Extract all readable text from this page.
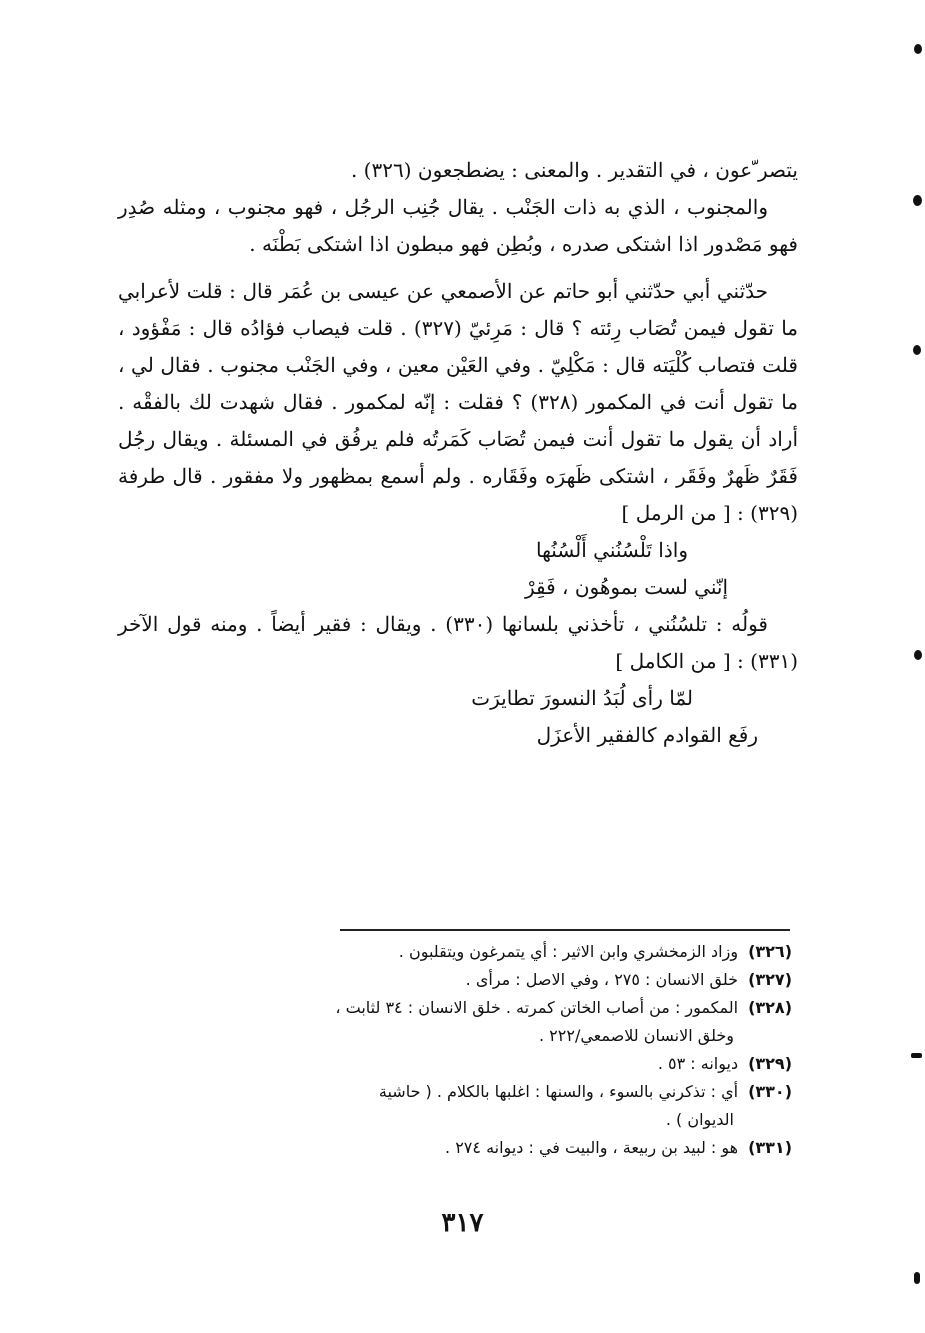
يتصر ّعون ، في التقدير . والمعنى : يضطجعون (٣٢٦) .

والمجنوب ، الذي به ذات الجَنْب . يقال جُنِب الرجُل ، فهو مجنوب ، ومثله صُدِر فهو مَصْدور اذا اشتكى صدره ، وبُطِن فهو مبطون اذا اشتكى بَطْنَه .

حدّثني أبي حدّثني أبو حاتم عن الأصمعي عن عيسى بن عُمَر قال : قلت لأعرابي ما تقول فيمن تُصَاب رِئته ؟ قال : مَرِئيّ (٣٢٧) . قلت فيصاب فؤادُه قال : مَفْؤود ، قلت فتصاب كُلْيَته قال : مَكْلِيّ . وفي العَيْن معين ، وفي الجَنْب مجنوب . فقال لي ، ما تقول أنت في المكمور (٣٢٨) ؟ فقلت : إنّه لمكمور . فقال شهدت لك بالفقْه . أراد أن يقول ما تقول أنت فيمن تُصَاب كَمَرتُه فلم يرفُق في المسئلة . ويقال رجُل فَقَرٌ ظَهرٌ وفَقَر ، اشتكى ظَهرَه وفَقَاره . ولم أسمع بمظهور ولا مفقور . قال طرفة (٣٢٩) : [ من الرمل ]

واذا تَلْسُنُني أَلْسُنُها

إنّني لست بموهُون ، فَقِرْ

قولُه : تلسُنُني ، تأخذني بلسانها (٣٣٠) . ويقال : فقير أيضاً . ومنه قول الآخر (٣٣١) : [ من الكامل ]

لمّا رأى لُبَدُ النسورَ تطايرَت

رفَع القوادم كالفقير الأعزَل

(٣٢٦)وزاد الزمخشري وابن الاثير : أي يتمرغون ويتقلبون .

(٣٢٧)خلق الانسان : ٢٧٥ ، وفي الاصل : مرأى .

(٣٢٨)المكمور : من أصاب الخاتن كمرته . خلق الانسان : ٣٤ لثابت ،

وخلق الانسان للاصمعي/٢٢٢ .

(٣٢٩)ديوانه : ٥٣ .

(٣٣٠)أي : تذكرني بالسوء ، والسنها : اغلبها بالكلام . ( حاشية

الديوان ) .

(٣٣١)هو : لبيد بن ربيعة ، والبيت في : ديوانه ٢٧٤ .

٣١٧
